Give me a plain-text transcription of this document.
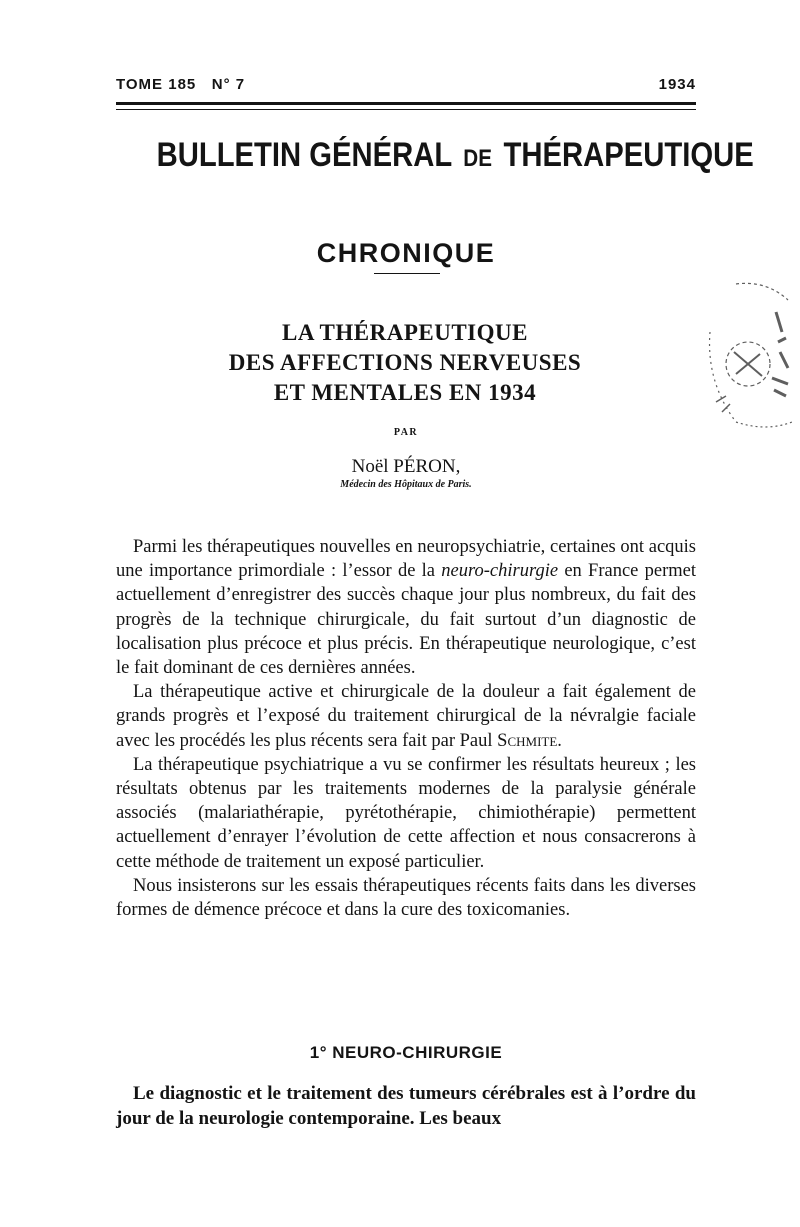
TOME 185   N° 7	1934
BULLETIN GÉNÉRAL DE THÉRAPEUTIQUE
CHRONIQUE
LA THÉRAPEUTIQUE
DES AFFECTIONS NERVEUSES
ET MENTALES EN 1934
PAR
Noël PÉRON,
Médecin des Hôpitaux de Paris.

Parmi les thérapeutiques nouvelles en neuropsychiatrie, certaines ont acquis une importance primordiale : l’essor de la neuro-chirurgie en France permet actuellement d’enregistrer des succès chaque jour plus nombreux, du fait des progrès de la technique chirurgicale, du fait surtout d’un diagnostic de localisation plus précoce et plus précis. En thérapeutique neurologique, c’est le fait dominant de ces dernières années.

La thérapeutique active et chirurgicale de la douleur a fait également de grands progrès et l’exposé du traitement chirurgical de la névralgie faciale avec les procédés les plus récents sera fait par Paul Schmite.

La thérapeutique psychiatrique a vu se confirmer les résultats heureux ; les résultats obtenus par les traitements modernes de la paralysie générale associés (malariathérapie, pyrétothérapie, chimiothérapie) permettent actuellement d’enrayer l’évolution de cette affection et nous consacrerons à cette méthode de traitement un exposé particulier.

Nous insisterons sur les essais thérapeutiques récents faits dans les diverses formes de démence précoce et dans la cure des toxicomanies.

1° NEURO-CHIRURGIE

Le diagnostic et le traitement des tumeurs cérébrales est à l’ordre du jour de la neurologie contemporaine. Les beaux
